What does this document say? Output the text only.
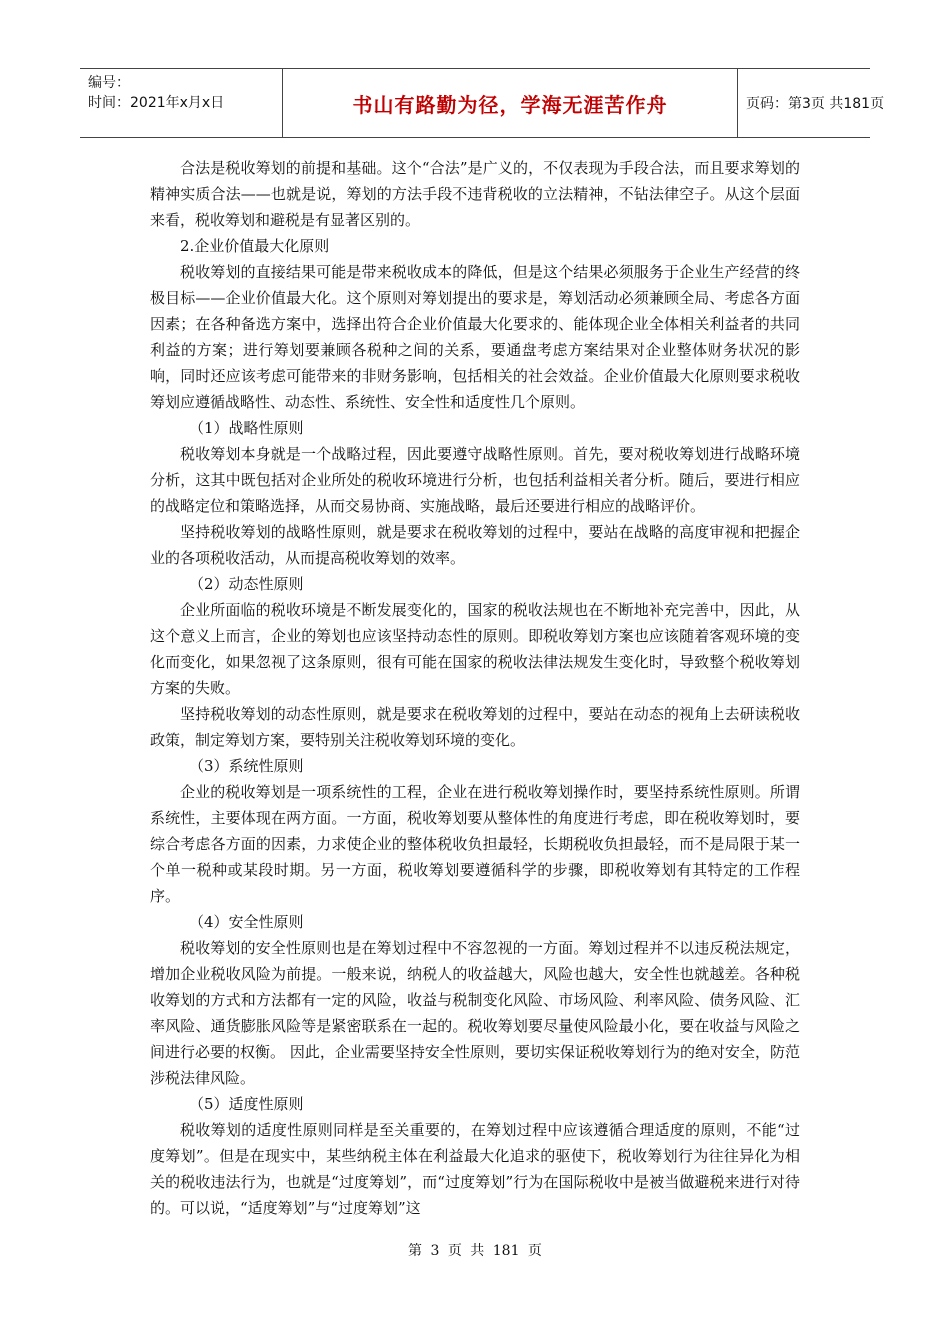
编号：
时间：2021年x月x日	书山有路勤为径，学海无涯苦作舟	页码：第3页 共181页

合法是税收筹划的前提和基础。这个“合法”是广义的，不仅表现为手段合法，而且要求筹划的精神实质合法——也就是说，筹划的方法手段不违背税收的立法精神，不钻法律空子。从这个层面来看，税收筹划和避税是有显著区别的。

2.企业价值最大化原则

税收筹划的直接结果可能是带来税收成本的降低，但是这个结果必须服务于企业生产经营的终极目标——企业价值最大化。这个原则对筹划提出的要求是，筹划活动必须兼顾全局、考虑各方面因素；在各种备选方案中，选择出符合企业价值最大化要求的、能体现企业全体相关利益者的共同利益的方案；进行筹划要兼顾各税种之间的关系，要通盘考虑方案结果对企业整体财务状况的影响，同时还应该考虑可能带来的非财务影响，包括相关的社会效益。企业价值最大化原则要求税收筹划应遵循战略性、动态性、系统性、安全性和适度性几个原则。

（1）战略性原则

税收筹划本身就是一个战略过程，因此要遵守战略性原则。首先，要对税收筹划进行战略环境分析，这其中既包括对企业所处的税收环境进行分析，也包括利益相关者分析。随后，要进行相应的战略定位和策略选择，从而交易协商、实施战略，最后还要进行相应的战略评价。

坚持税收筹划的战略性原则，就是要求在税收筹划的过程中，要站在战略的高度审视和把握企业的各项税收活动，从而提高税收筹划的效率。

（2）动态性原则

企业所面临的税收环境是不断发展变化的，国家的税收法规也在不断地补充完善中，因此，从这个意义上而言，企业的筹划也应该坚持动态性的原则。即税收筹划方案也应该随着客观环境的变化而变化，如果忽视了这条原则，很有可能在国家的税收法律法规发生变化时，导致整个税收筹划方案的失败。

坚持税收筹划的动态性原则，就是要求在税收筹划的过程中，要站在动态的视角上去研读税收政策，制定筹划方案，要特别关注税收筹划环境的变化。

（3）系统性原则

企业的税收筹划是一项系统性的工程，企业在进行税收筹划操作时，要坚持系统性原则。所谓系统性，主要体现在两方面。一方面，税收筹划要从整体性的角度进行考虑，即在税收筹划时，要综合考虑各方面的因素，力求使企业的整体税收负担最轻，长期税收负担最轻，而不是局限于某一个单一税种或某段时期。另一方面，税收筹划要遵循科学的步骤，即税收筹划有其特定的工作程序。

（4）安全性原则

税收筹划的安全性原则也是在筹划过程中不容忽视的一方面。筹划过程并不以违反税法规定，增加企业税收风险为前提。一般来说，纳税人的收益越大，风险也越大，安全性也就越差。各种税收筹划的方式和方法都有一定的风险，收益与税制变化风险、市场风险、利率风险、债务风险、汇率风险、通货膨胀风险等是紧密联系在一起的。税收筹划要尽量使风险最小化，要在收益与风险之间进行必要的权衡。 因此，企业需要坚持安全性原则，要切实保证税收筹划行为的绝对安全，防范涉税法律风险。

（5）适度性原则

税收筹划的适度性原则同样是至关重要的，在筹划过程中应该遵循合理适度的原则，不能“过度筹划”。但是在现实中，某些纳税主体在利益最大化追求的驱使下，税收筹划行为往往异化为相关的税收违法行为，也就是“过度筹划”，而“过度筹划”行为在国际税收中是被当做避税来进行对待的。可以说，“适度筹划”与“过度筹划”这

第 3 页 共 181 页
